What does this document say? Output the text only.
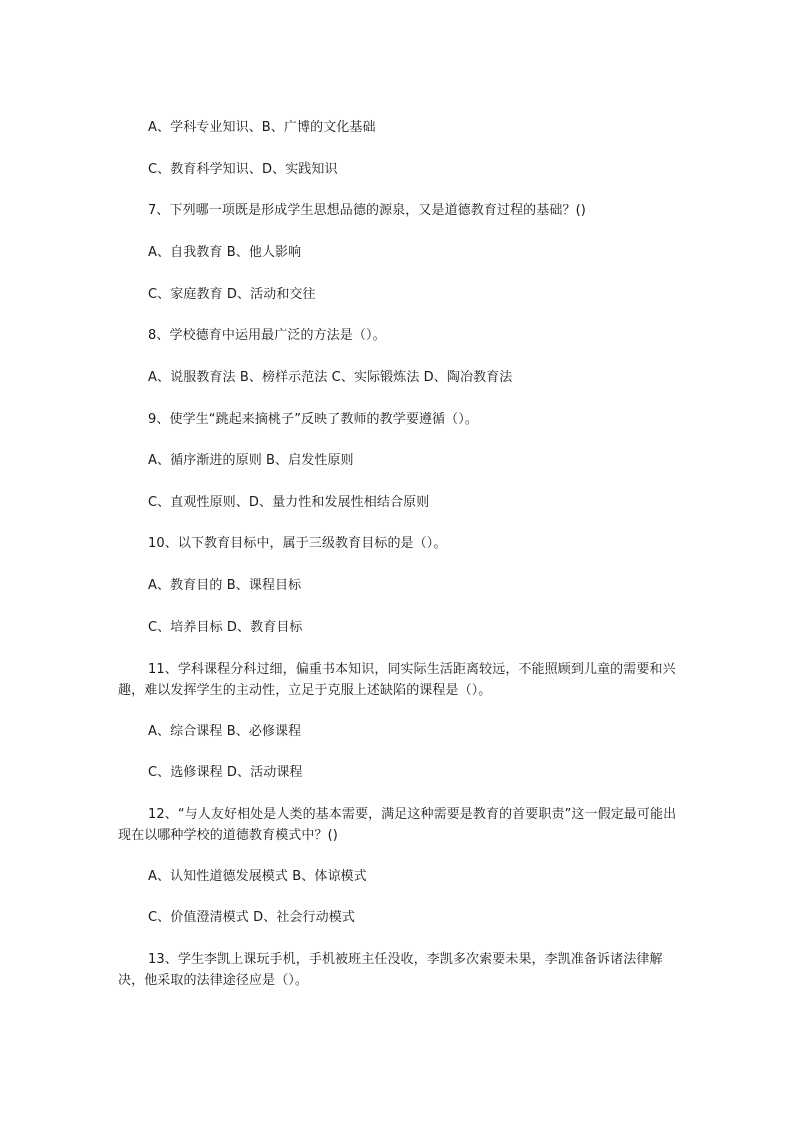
A、学科专业知识、B、广博的文化基础
C、教育科学知识、D、实践知识
7、下列哪一项既是形成学生思想品德的源泉，又是道德教育过程的基础？()
A、自我教育 B、他人影响
C、家庭教育 D、活动和交往
8、学校德育中运用最广泛的方法是（）。
A、说服教育法 B、榜样示范法 C、实际锻炼法 D、陶冶教育法
9、使学生“跳起来摘桃子”反映了教师的教学要遵循（）。
A、循序渐进的原则 B、启发性原则
C、直观性原则、D、量力性和发展性相结合原则
10、以下教育目标中，属于三级教育目标的是（）。
A、教育目的 B、课程目标
C、培养目标 D、教育目标
11、学科课程分科过细，偏重书本知识，同实际生活距离较远，不能照顾到儿童的需要和兴趣，难以发挥学生的主动性，立足于克服上述缺陷的课程是（）。
A、综合课程 B、必修课程
C、选修课程 D、活动课程
12、“与人友好相处是人类的基本需要，满足这种需要是教育的首要职责”这一假定最可能出现在以哪种学校的道德教育模式中？()
A、认知性道德发展模式 B、体谅模式
C、价值澄清模式 D、社会行动模式
13、学生李凯上课玩手机，手机被班主任没收，李凯多次索要未果，李凯准备诉诸法律解决，他采取的法律途径应是（）。
